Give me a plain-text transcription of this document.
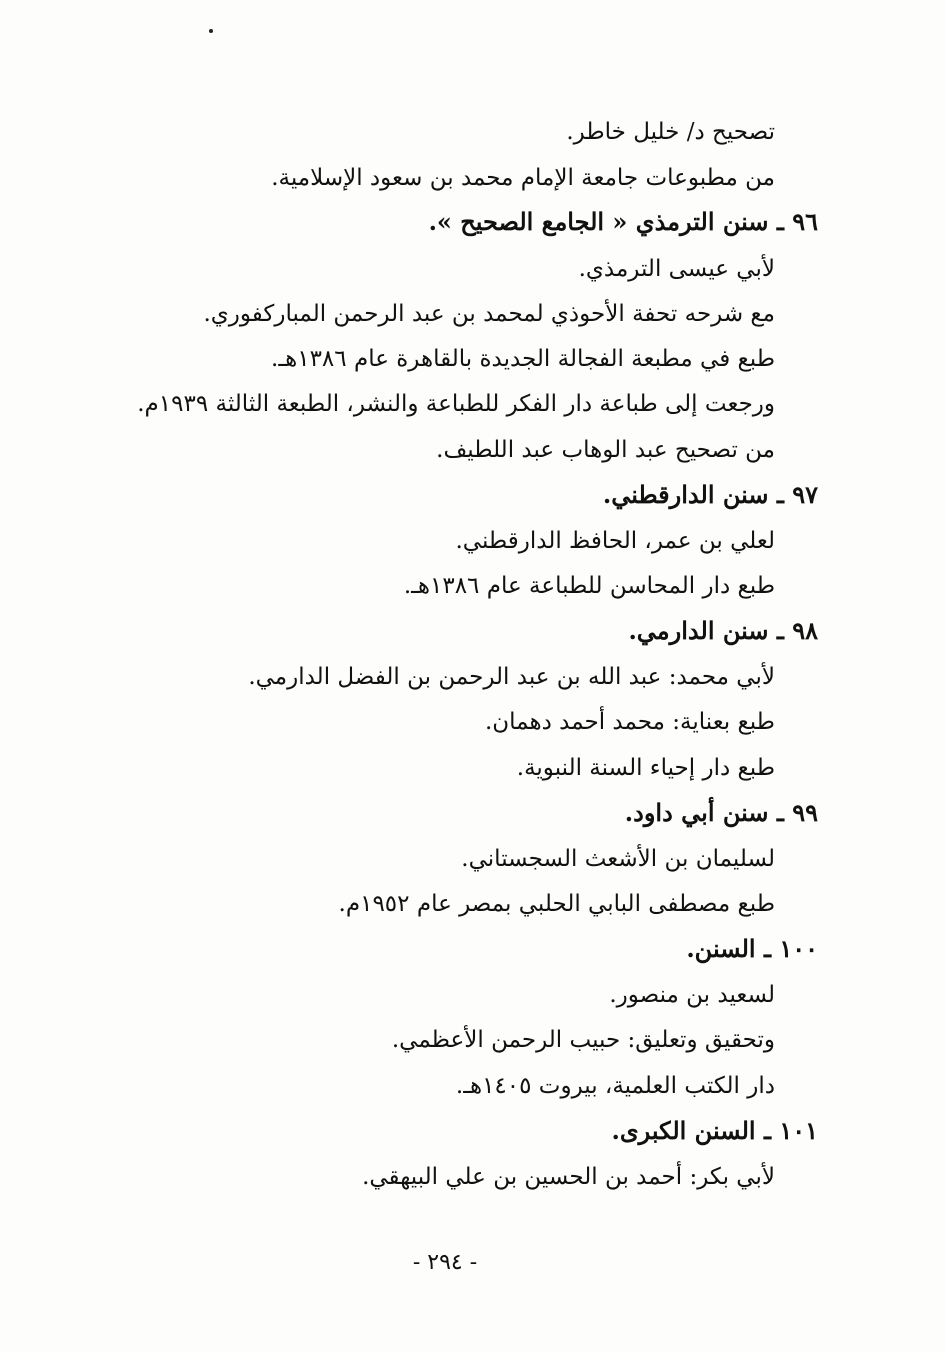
تصحيح د/ خليل خاطر.
من مطبوعات جامعة الإمام محمد بن سعود الإسلامية.
٩٦ ـ سنن الترمذي « الجامع الصحيح ».
لأبي عيسى الترمذي.
مع شرحه تحفة الأحوذي لمحمد بن عبد الرحمن المباركفوري.
طبع في مطبعة الفجالة الجديدة بالقاهرة عام ١٣٨٦هـ.
ورجعت إلى طباعة دار الفكر للطباعة والنشر، الطبعة الثالثة ١٩٣٩م.
من تصحيح عبد الوهاب عبد اللطيف.
٩٧ ـ سنن الدارقطني.
لعلي بن عمر، الحافظ الدارقطني.
طبع دار المحاسن للطباعة عام ١٣٨٦هـ.
٩٨ ـ سنن الدارمي.
لأبي محمد: عبد الله بن عبد الرحمن بن الفضل الدارمي.
طبع بعناية: محمد أحمد دهمان.
طبع دار إحياء السنة النبوية.
٩٩ ـ سنن أبي داود.
لسليمان بن الأشعث السجستاني.
طبع مصطفى البابي الحلبي بمصر عام ١٩٥٢م.
١٠٠ ـ السنن.
لسعيد بن منصور.
وتحقيق وتعليق: حبيب الرحمن الأعظمي.
دار الكتب العلمية، بيروت ١٤٠٥هـ.
١٠١ ـ السنن الكبرى.
لأبي بكر: أحمد بن الحسين بن علي البيهقي.
- ٢٩٤ -
